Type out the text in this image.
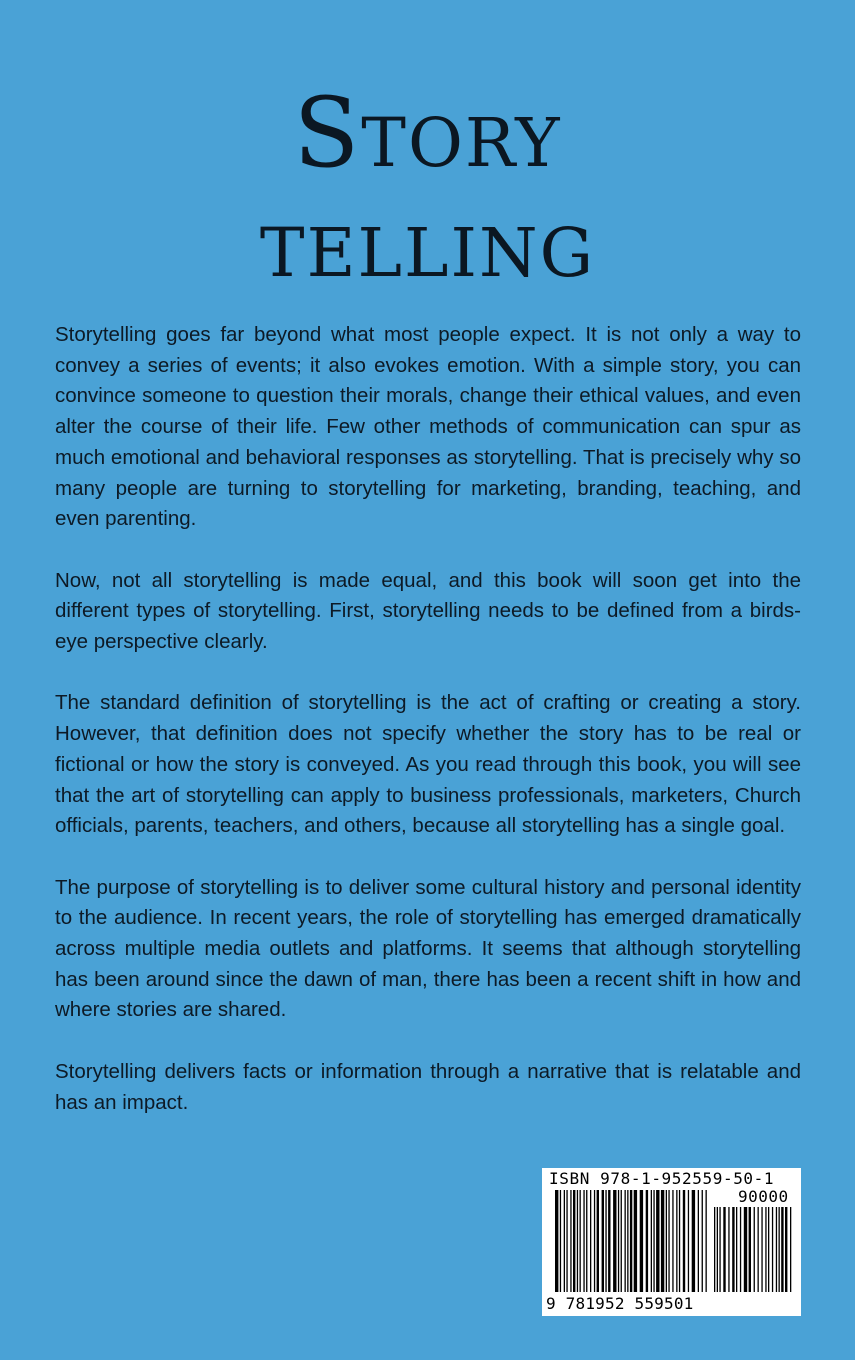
Story
telling

Storytelling goes far beyond what most people expect. It is not only a way to convey a series of events; it also evokes emotion. With a simple story, you can convince someone to question their morals, change their ethical values, and even alter the course of their life. Few other methods of communication can spur as much emotional and behavioral responses as storytelling. That is precisely why so many people are turning to storytelling for marketing, branding, teaching, and even parenting.

Now, not all storytelling is made equal, and this book will soon get into the different types of storytelling. First, storytelling needs to be defined from a birds-eye perspective clearly.

The standard definition of storytelling is the act of crafting or creating a story. However, that definition does not specify whether the story has to be real or fictional or how the story is conveyed. As you read through this book, you will see that the art of storytelling can apply to business professionals, marketers, Church officials, parents, teachers, and others, because all storytelling has a single goal.

The purpose of storytelling is to deliver some cultural history and personal identity to the audience. In recent years, the role of storytelling has emerged dramatically across multiple media outlets and platforms. It seems that although storytelling has been around since the dawn of man, there has been a recent shift in how and where stories are shared.

Storytelling delivers facts or information through a narrative that is relatable and has an impact.

ISBN 978-1-952559-50-1
90000
9 781952 559501
